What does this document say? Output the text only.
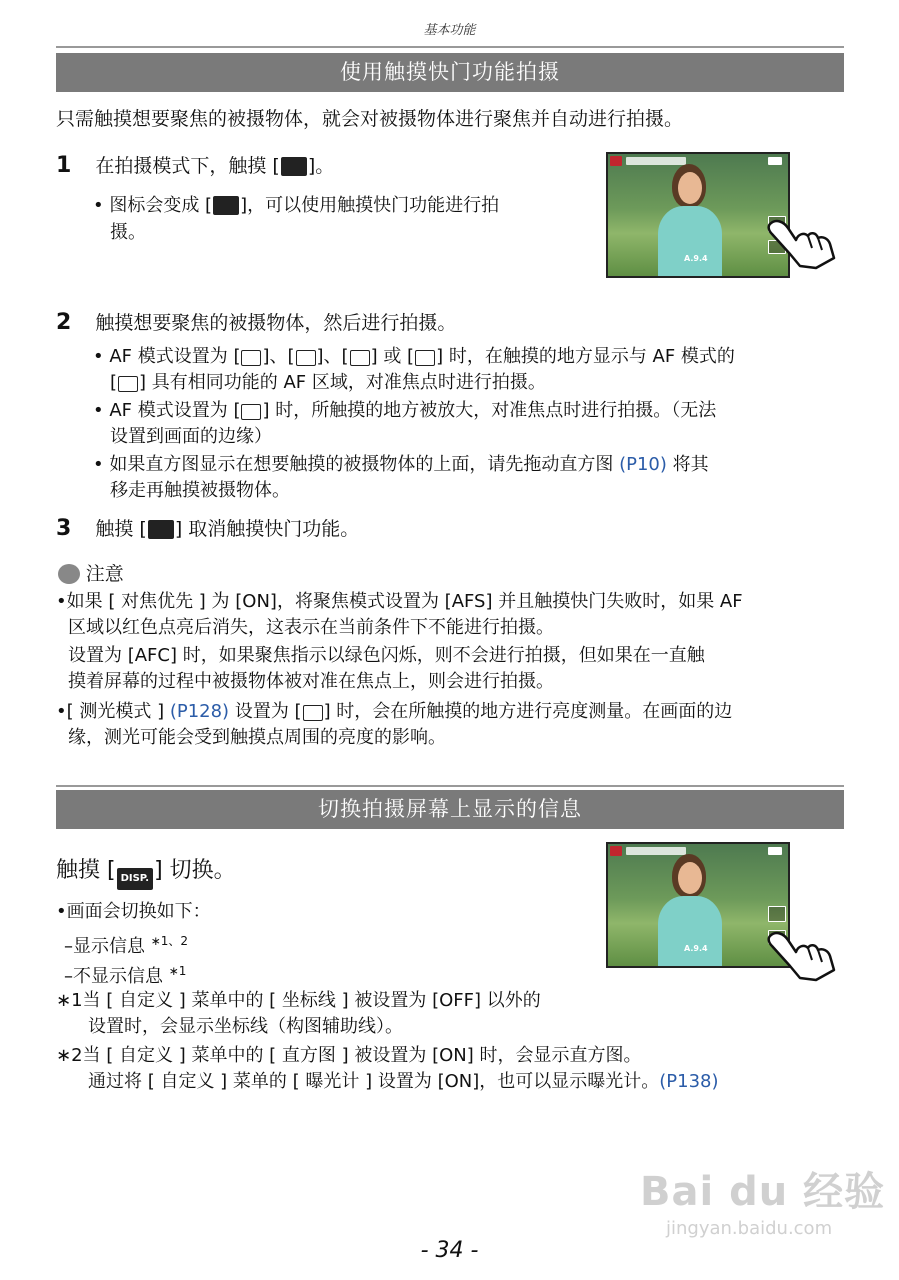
基本功能
使用触摸快门功能拍摄
只需触摸想要聚焦的被摄物体，就会对被摄物体进行聚焦并自动进行拍摄。
1 在拍摄模式下，触摸 [ ]。
• 图标会变成 [ ]，可以使用触摸快门功能进行拍
摄。
A.9.4
2 触摸想要聚焦的被摄物体，然后进行拍摄。
• AF 模式设置为 [ ]、[ ]、[ ] 或 [ ] 时，在触摸的地方显示与 AF 模式的
[ ] 具有相同功能的 AF 区域，对准焦点时进行拍摄。
• AF 模式设置为 [ ] 时，所触摸的地方被放大，对准焦点时进行拍摄。（无法
设置到画面的边缘）
• 如果直方图显示在想要触摸的被摄物体的上面，请先拖动直方图 (P10) 将其
移走再触摸被摄物体。
3 触摸 [ ] 取消触摸快门功能。
注意
•如果 [ 对焦优先 ] 为 [ON]，将聚焦模式设置为 [AFS] 并且触摸快门失败时，如果 AF
区域以红色点亮后消失，这表示在当前条件下不能进行拍摄。
设置为 [AFC] 时，如果聚焦指示以绿色闪烁，则不会进行拍摄，但如果在一直触
摸着屏幕的过程中被摄物体被对准在焦点上，则会进行拍摄。
•[ 测光模式 ] (P128) 设置为 [ ] 时，会在所触摸的地方进行亮度测量。在画面的边
缘，测光可能会受到触摸点周围的亮度的影响。
切换拍摄屏幕上显示的信息
触摸 [ DISP. ] 切换。
•画面会切换如下：
–显示信息 $^{∗1、2}$
–不显示信息 $^{∗1}$
∗1当 [ 自定义 ] 菜单中的 [ 坐标线 ] 被设置为 [OFF] 以外的
设置时，会显示坐标线（构图辅助线）。
∗2当 [ 自定义 ] 菜单中的 [ 直方图 ] 被设置为 [ON] 时，会显示直方图。
通过将 [ 自定义 ] 菜单的 [ 曝光计 ] 设置为 [ON]，也可以显示曝光计。(P138)
A.9.4
Bai du 经验
jingyan.baidu.com
- 34 -
